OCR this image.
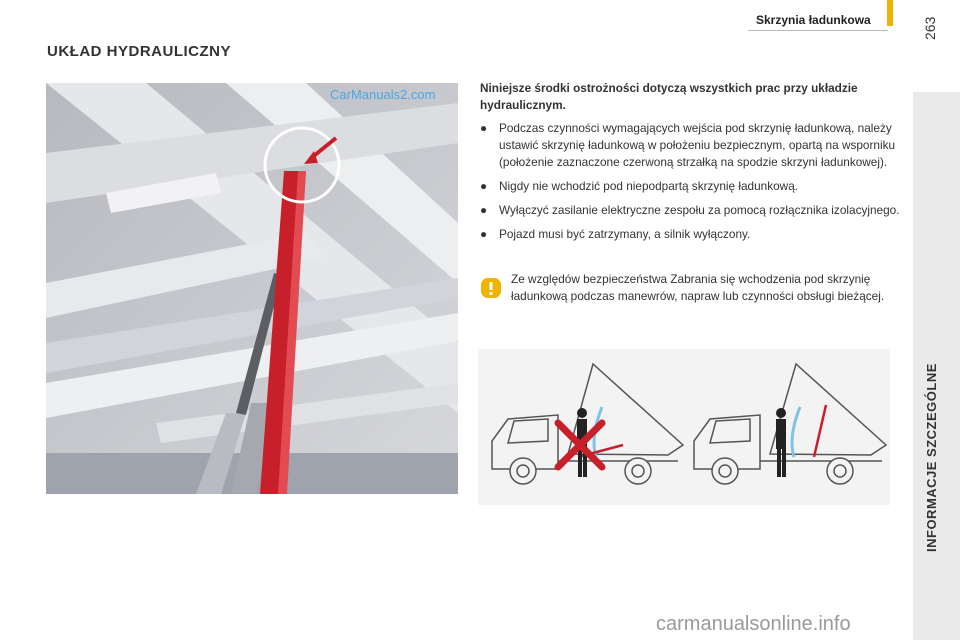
Skrzynia ładunkowa	263
INFORMACJE SZCZEGÓLNE
UKŁAD HYDRAULICZNY
CarManuals2.com	Niniejsze środki ostrożności dotyczą wszystkich prac przy układzie hydraulicznym.

● Podczas czynności wymagających wejścia pod skrzynię ładunkową, należy ustawić skrzynię ładunkową w położeniu bezpiecznym, opartą na wsporniku (położenie zaznaczone czerwoną strzałką na spodzie skrzyni ładunkowej).
● Nigdy nie wchodzić pod niepodpartą skrzynię ładunkową.
● Wyłączyć zasilanie elektryczne zespołu za pomocą rozłącznika izolacyjnego.
● Pojazd musi być zatrzymany, a silnik wyłączony.
Ze względów bezpieczeństwa Zabrania się wchodzenia pod skrzynię ładunkową podczas manewrów, napraw lub czynności obsługi bieżącej.
carmanualsonline.info
